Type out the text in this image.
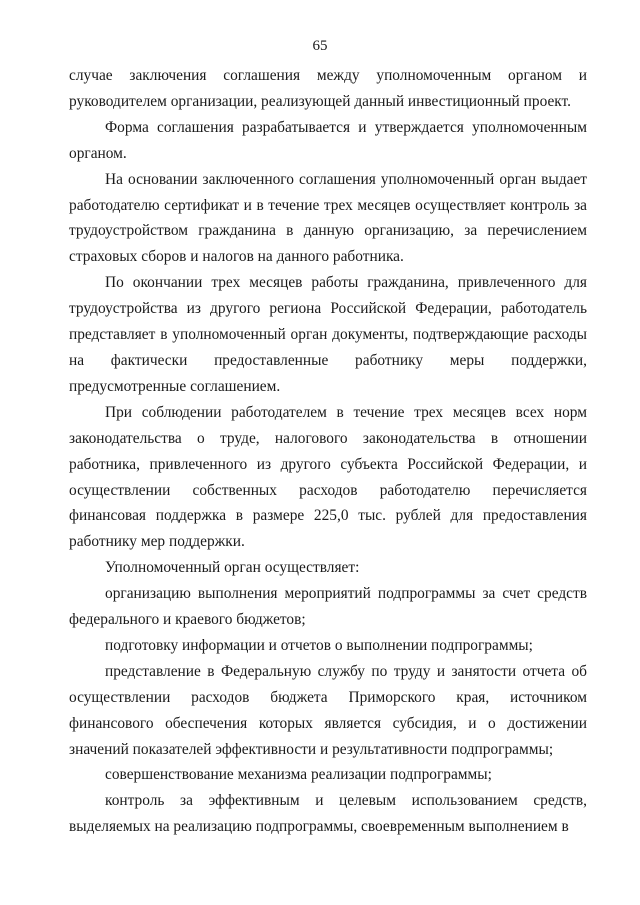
65

случае заключения соглашения между уполномоченным органом и руководителем организации, реализующей данный инвестиционный проект.

Форма соглашения разрабатывается и утверждается уполномоченным органом.

На основании заключенного соглашения уполномоченный орган выдает работодателю сертификат и в течение трех месяцев осуществляет контроль за трудоустройством гражданина в данную организацию, за перечислением страховых сборов и налогов на данного работника.

По окончании трех месяцев работы гражданина, привлеченного для трудоустройства из другого региона Российской Федерации, работодатель представляет в уполномоченный орган документы, подтверждающие расходы на фактически предоставленные работнику меры поддержки, предусмотренные соглашением.

При соблюдении работодателем в течение трех месяцев всех норм законодательства о труде, налогового законодательства в отношении работника, привлеченного из другого субъекта Российской Федерации, и осуществлении собственных расходов работодателю перечисляется финансовая поддержка в размере 225,0 тыс. рублей для предоставления работнику мер поддержки.

Уполномоченный орган осуществляет:

организацию выполнения мероприятий подпрограммы за счет средств федерального и краевого бюджетов;

подготовку информации и отчетов о выполнении подпрограммы;

представление в Федеральную службу по труду и занятости отчета об осуществлении расходов бюджета Приморского края, источником финансового обеспечения которых является субсидия, и о достижении значений показателей эффективности и результативности подпрограммы;

совершенствование механизма реализации подпрограммы;

контроль за эффективным и целевым использованием средств, выделяемых на реализацию подпрограммы, своевременным выполнением в
